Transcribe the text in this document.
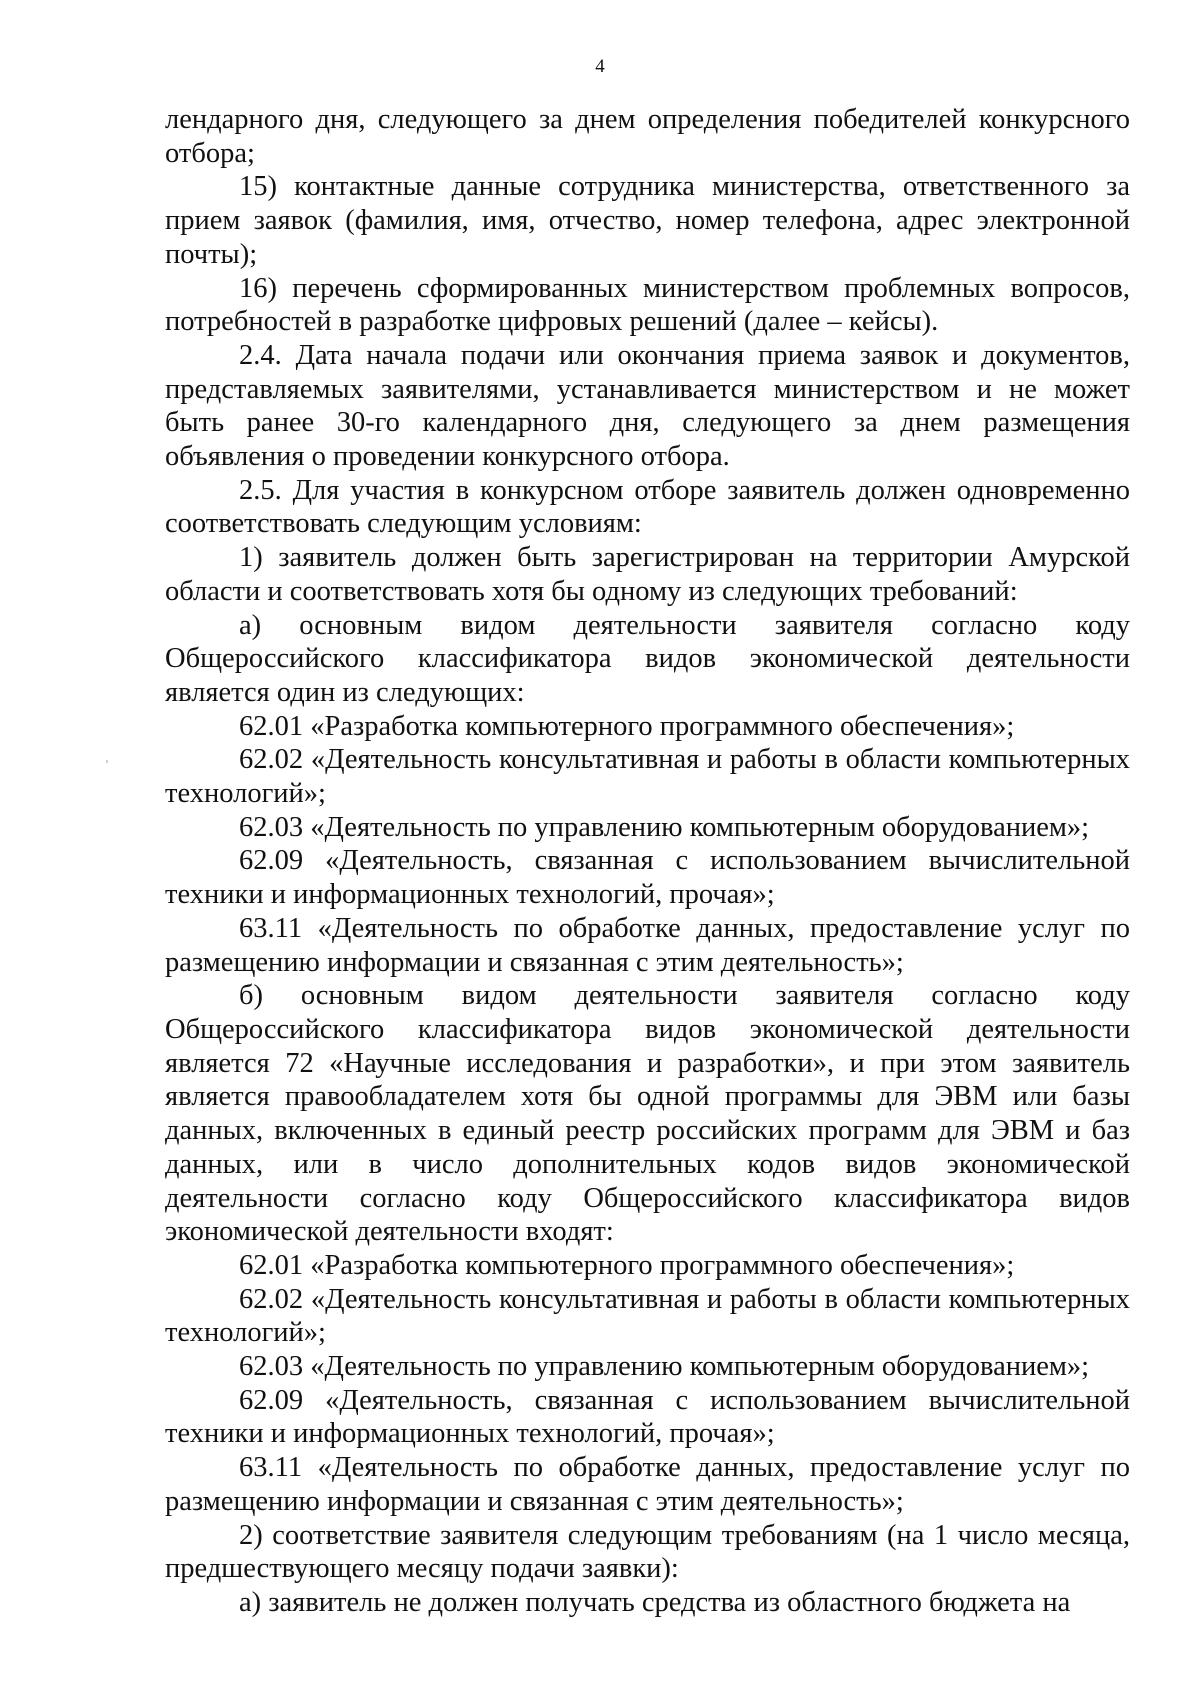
4

лендарного дня, следующего за днем определения победителей конкурсного отбора;

15) контактные данные сотрудника министерства, ответственного за прием заявок (фамилия, имя, отчество, номер телефона, адрес электронной почты);

16) перечень сформированных министерством проблемных вопросов, потребностей в разработке цифровых решений (далее – кейсы).

2.4. Дата начала подачи или окончания приема заявок и документов, представляемых заявителями, устанавливается министерством и не может быть ранее 30-го календарного дня, следующего за днем размещения объявления о проведении конкурсного отбора.

2.5. Для участия в конкурсном отборе заявитель должен одновременно соответствовать следующим условиям:

1) заявитель должен быть зарегистрирован на территории Амурской области и соответствовать хотя бы одному из следующих требований:

а) основным видом деятельности заявителя согласно коду Общероссийского классификатора видов экономической деятельности является один из следующих:

62.01 «Разработка компьютерного программного обеспечения»;

62.02 «Деятельность консультативная и работы в области компьютерных технологий»;

62.03 «Деятельность по управлению компьютерным оборудованием»;

62.09 «Деятельность, связанная с использованием вычислительной техники и информационных технологий, прочая»;

63.11 «Деятельность по обработке данных, предоставление услуг по размещению информации и связанная с этим деятельность»;

б) основным видом деятельности заявителя согласно коду Общероссийского классификатора видов экономической деятельности является 72 «Научные исследования и разработки», и при этом заявитель является правообладателем хотя бы одной программы для ЭВМ или базы данных, включенных в единый реестр российских программ для ЭВМ и баз данных, или в число дополнительных кодов видов экономической деятельности согласно коду Общероссийского классификатора видов экономической деятельности входят:

62.01 «Разработка компьютерного программного обеспечения»;

62.02 «Деятельность консультативная и работы в области компьютерных технологий»;

62.03 «Деятельность по управлению компьютерным оборудованием»;

62.09 «Деятельность, связанная с использованием вычислительной техники и информационных технологий, прочая»;

63.11 «Деятельность по обработке данных, предоставление услуг по размещению информации и связанная с этим деятельность»;

2) соответствие заявителя следующим требованиям (на 1 число месяца, предшествующего месяцу подачи заявки):

а) заявитель не должен получать средства из областного бюджета на
